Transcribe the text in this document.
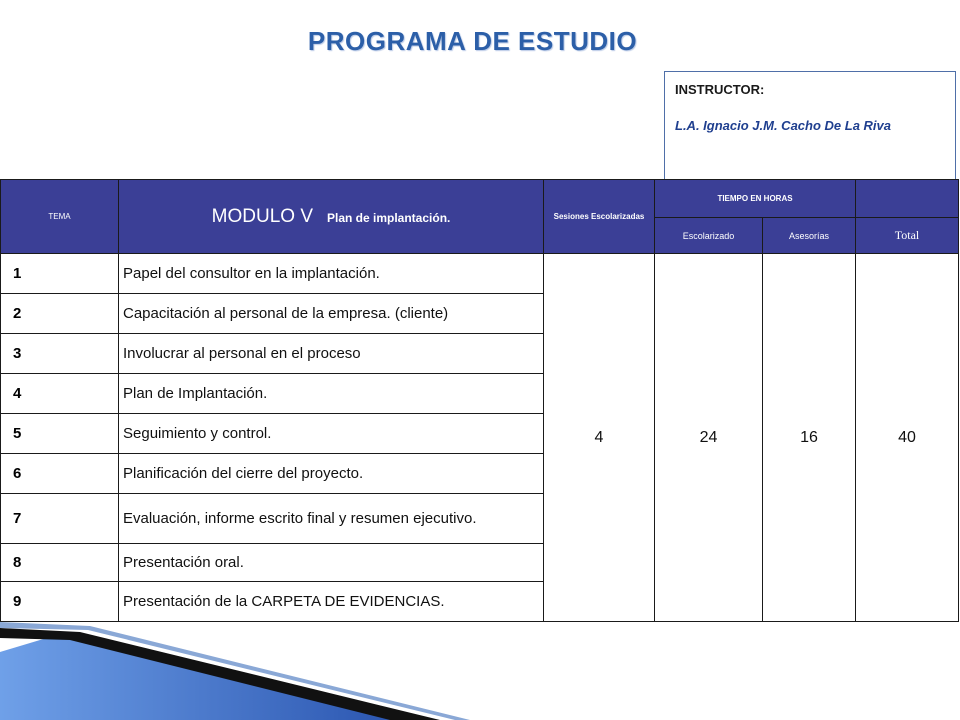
PROGRAMA DE ESTUDIO
INSTRUCTOR:
L.A. Ignacio J.M. Cacho De La Riva
TEMA	MODULO V Plan de implantación.	Sesiones Escolarizadas	TIEMPO EN HORAS		
			Escolarizado	Asesorías	Total
1	Papel del consultor en la implantación.	4	24	16	40
2	Capacitación al personal de la empresa. (cliente)				
3	Involucrar al personal en el proceso				
4	Plan de Implantación.				
5	Seguimiento y control.				
6	Planificación del cierre del proyecto.				
7	Evaluación, informe escrito final y resumen ejecutivo.				
8	Presentación oral.				
9	Presentación de la CARPETA DE EVIDENCIAS.				
